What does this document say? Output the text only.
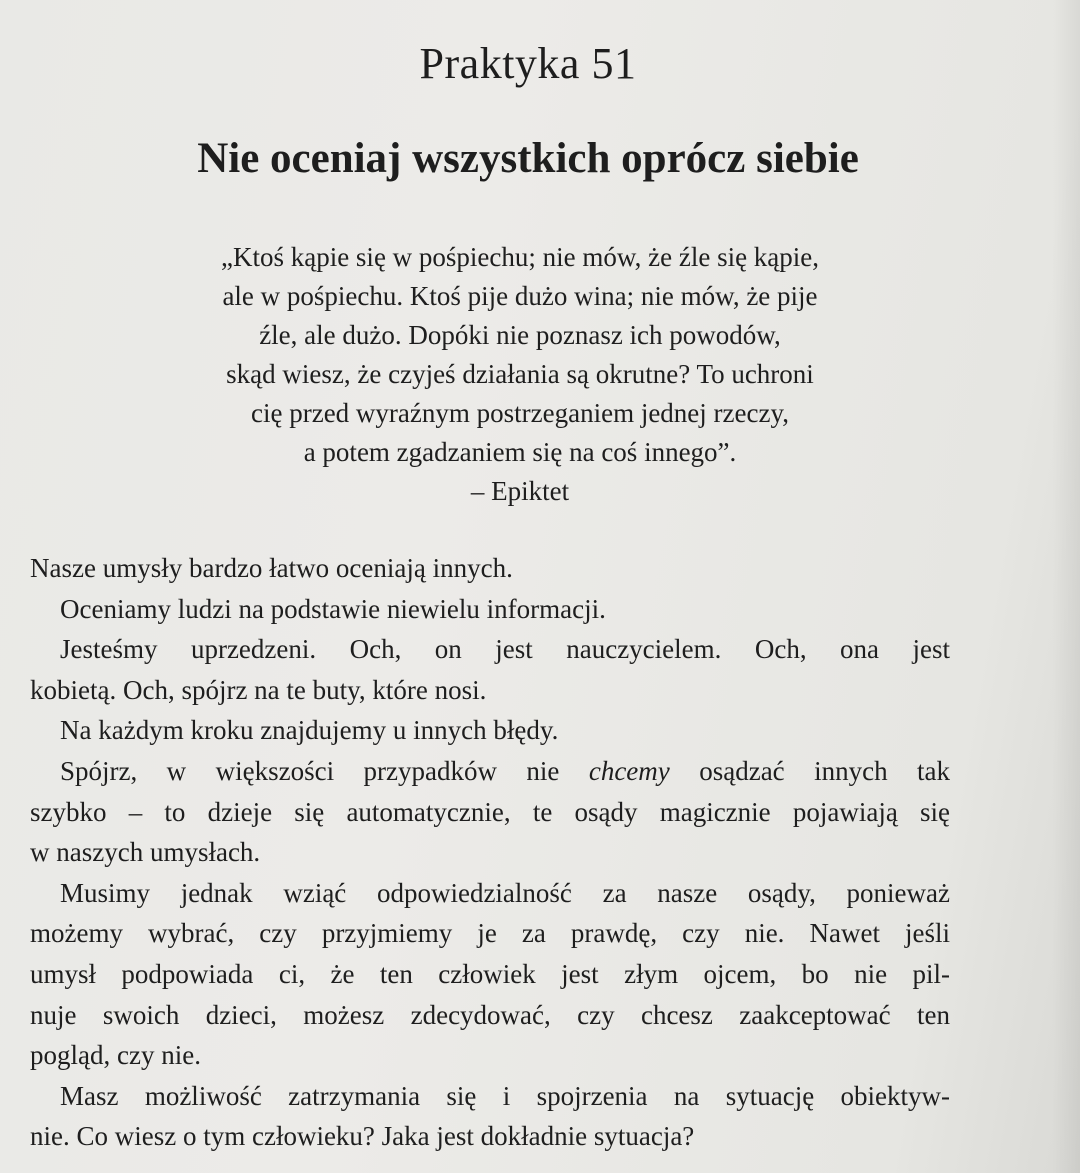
Praktyka 51
Nie oceniaj wszystkich oprócz siebie
„Ktoś kąpie się w pośpiechu; nie mów, że źle się kąpie,
ale w pośpiechu. Ktoś pije dużo wina; nie mów, że pije
źle, ale dużo. Dopóki nie poznasz ich powodów,
skąd wiesz, że czyjeś działania są okrutne? To uchroni
cię przed wyraźnym postrzeganiem jednej rzeczy,
a potem zgadzaniem się na coś innego”.
– Epiktet
Nasze umysły bardzo łatwo oceniają innych.
Oceniamy ludzi na podstawie niewielu informacji.
Jesteśmy uprzedzeni. Och, on jest nauczycielem. Och, ona jest
kobietą. Och, spójrz na te buty, które nosi.
Na każdym kroku znajdujemy u innych błędy.
Spójrz, w większości przypadków nie chcemy osądzać innych tak
szybko – to dzieje się automatycznie, te osądy magicznie pojawiają się
w naszych umysłach.
Musimy jednak wziąć odpowiedzialność za nasze osądy, ponieważ
możemy wybrać, czy przyjmiemy je za prawdę, czy nie. Nawet jeśli
umysł podpowiada ci, że ten człowiek jest złym ojcem, bo nie pil-
nuje swoich dzieci, możesz zdecydować, czy chcesz zaakceptować ten
pogląd, czy nie.
Masz możliwość zatrzymania się i spojrzenia na sytuację obiektyw-
nie. Co wiesz o tym człowieku? Jaka jest dokładnie sytuacja?
